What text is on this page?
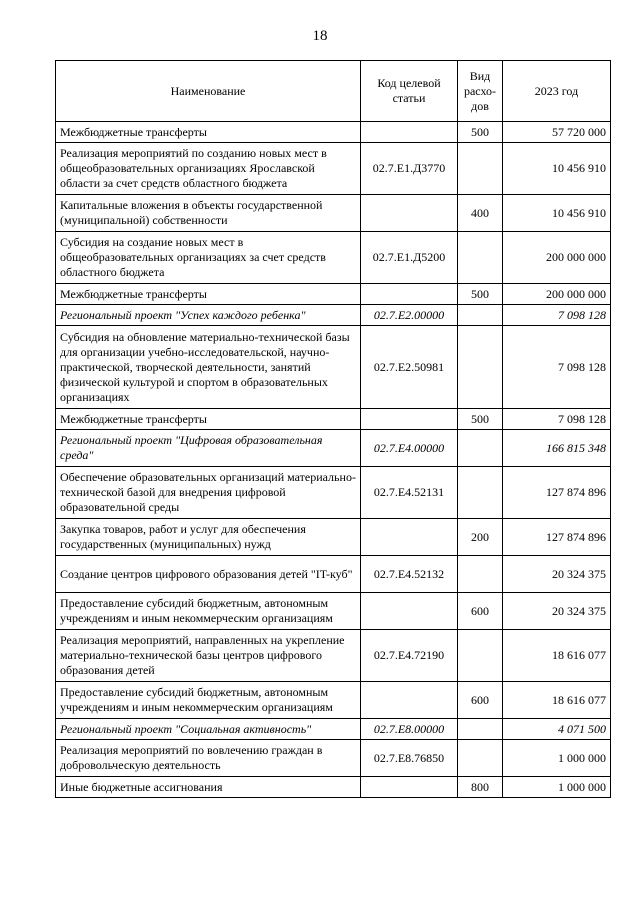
18
Наименование	Код целевой статьи	Вид расхо-дов	2023 год
Межбюджетные трансферты		500	57 720 000
Реализация мероприятий по созданию новых мест в общеобразовательных организациях Ярославской области за счет средств областного бюджета	02.7.E1.Д3770		10 456 910
Капитальные вложения в объекты государственной (муниципальной) собственности		400	10 456 910
Субсидия на создание новых мест в общеобразовательных организациях за счет средств областного бюджета	02.7.E1.Д5200		200 000 000
Межбюджетные трансферты		500	200 000 000
Региональный проект "Успех каждого ребенка"	02.7.E2.00000		7 098 128
Субсидия на обновление материально-технической базы для организации учебно-исследовательской, научно-практической, творческой деятельности, занятий физической культурой и спортом в образовательных организациях	02.7.E2.50981		7 098 128
Межбюджетные трансферты		500	7 098 128
Региональный проект "Цифровая образовательная среда"	02.7.E4.00000		166 815 348
Обеспечение образовательных организаций материально-технической базой для внедрения цифровой образовательной среды	02.7.E4.52131		127 874 896
Закупка товаров, работ и услуг для обеспечения государственных (муниципальных) нужд		200	127 874 896
Создание центров цифрового образования детей "IT-куб"	02.7.E4.52132		20 324 375
Предоставление субсидий бюджетным, автономным учреждениям и иным некоммерческим организациям		600	20 324 375
Реализация мероприятий, направленных на укрепление материально-технической базы центров цифрового образования детей	02.7.E4.72190		18 616 077
Предоставление субсидий бюджетным, автономным учреждениям и иным некоммерческим организациям		600	18 616 077
Региональный проект "Социальная активность"	02.7.E8.00000		4 071 500
Реализация мероприятий по вовлечению граждан в добровольческую деятельность	02.7.E8.76850		1 000 000
Иные бюджетные ассигнования		800	1 000 000
